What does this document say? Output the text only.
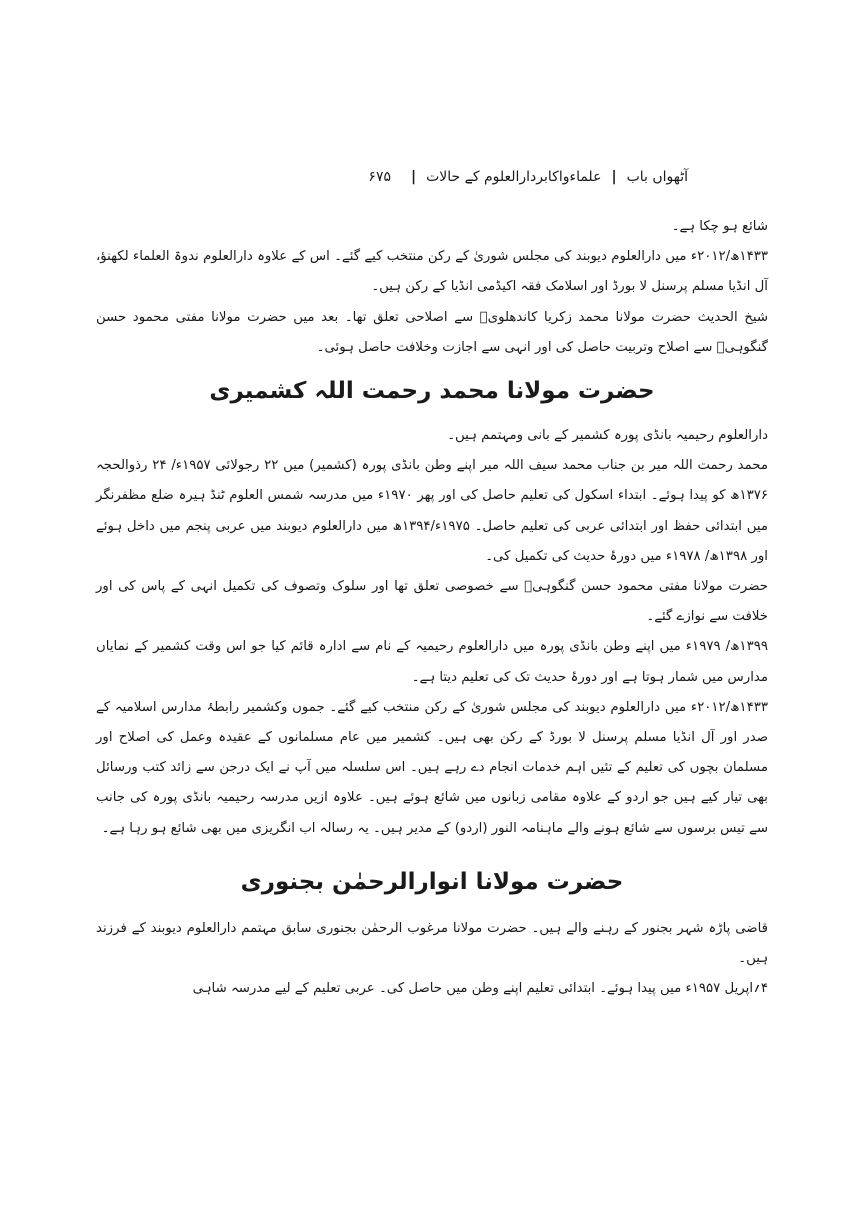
آٹھواں باب
|
علماءواکابردارالعلوم کے حالات
|
۶۷۵

شائع ہو چکا ہے۔

۱۴۳۳ھ/۲۰۱۲ء میں دارالعلوم دیوبند کی مجلس شوریٰ کے رکن منتخب کیے گئے۔ اس کے علاوہ دارالعلوم ندوۃ العلماء لکھنؤ، آل انڈیا مسلم پرسنل لا بورڈ اور اسلامک فقہ اکیڈمی انڈیا کے رکن ہیں۔

شیخ الحدیث حضرت مولانا محمد زکریا کاندھلویؒ سے اصلاحی تعلق تھا۔ بعد میں حضرت مولانا مفتی محمود حسن گنگوہیؒ سے اصلاح وتربیت حاصل کی اور انہی سے اجازت وخلافت حاصل ہوئی۔

حضرت مولانا محمد رحمت اللہ کشمیری

دارالعلوم رحیمیہ بانڈی پورہ کشمیر کے بانی ومہتمم ہیں۔

محمد رحمت اللہ میر بن جناب محمد سیف اللہ میر اپنے وطن بانڈی پورہ (کشمیر) میں ۲۲ رجولائی ۱۹۵۷ء/ ۲۴ رذوالحجہ ۱۳۷۶ھ کو پیدا ہوئے۔ ابتداء اسکول کی تعلیم حاصل کی اور پھر ۱۹۷۰ء میں مدرسہ شمس العلوم ٹنڈ ہیرہ ضلع مظفرنگر میں ابتدائی حفظ اور ابتدائی عربی کی تعلیم حاصل۔ ۱۹۷۵ء/۱۳۹۴ھ میں دارالعلوم دیوبند میں عربی پنجم میں داخل ہوئے اور ۱۳۹۸ھ/ ۱۹۷۸ء میں دورۂ حدیث کی تکمیل کی۔

حضرت مولانا مفتی محمود حسن گنگوہیؒ سے خصوصی تعلق تھا اور سلوک وتصوف کی تکمیل انہی کے پاس کی اور خلافت سے نوازے گئے۔

۱۳۹۹ھ/ ۱۹۷۹ء میں اپنے وطن بانڈی پورہ میں دارالعلوم رحیمیہ کے نام سے ادارہ قائم کیا جو اس وقت کشمیر کے نمایاں مدارس میں شمار ہوتا ہے اور دورۂ حدیث تک کی تعلیم دیتا ہے۔

۱۴۳۳ھ/۲۰۱۲ء میں دارالعلوم دیوبند کی مجلس شوریٰ کے رکن منتخب کیے گئے۔ جموں وکشمیر رابطۂ مدارس اسلامیہ کے صدر اور آل انڈیا مسلم پرسنل لا بورڈ کے رکن بھی ہیں۔ کشمیر میں عام مسلمانوں کے عقیدہ وعمل کی اصلاح اور مسلمان بچوں کی تعلیم کے تئیں اہم خدمات انجام دے رہے ہیں۔ اس سلسلہ میں آپ نے ایک درجن سے زائد کتب ورسائل بھی تیار کیے ہیں جو اردو کے علاوہ مقامی زبانوں میں شائع ہوئے ہیں۔ علاوہ ازیں مدرسہ رحیمیہ بانڈی پورہ کی جانب سے تیس برسوں سے شائع ہونے والے ماہنامہ النور (اردو) کے مدیر ہیں۔ یہ رسالہ اب انگریزی میں بھی شائع ہو رہا ہے۔

حضرت مولانا انوارالرحمٰن بجنوری

قاضی پاڑہ شہر بجنور کے رہنے والے ہیں۔ حضرت مولانا مرغوب الرحمٰن بجنوری سابق مہتمم دارالعلوم دیوبند کے فرزند ہیں۔

۴؍اپریل ۱۹۵۷ء میں پیدا ہوئے۔ ابتدائی تعلیم اپنے وطن میں حاصل کی۔ عربی تعلیم کے لیے مدرسہ شاہی
